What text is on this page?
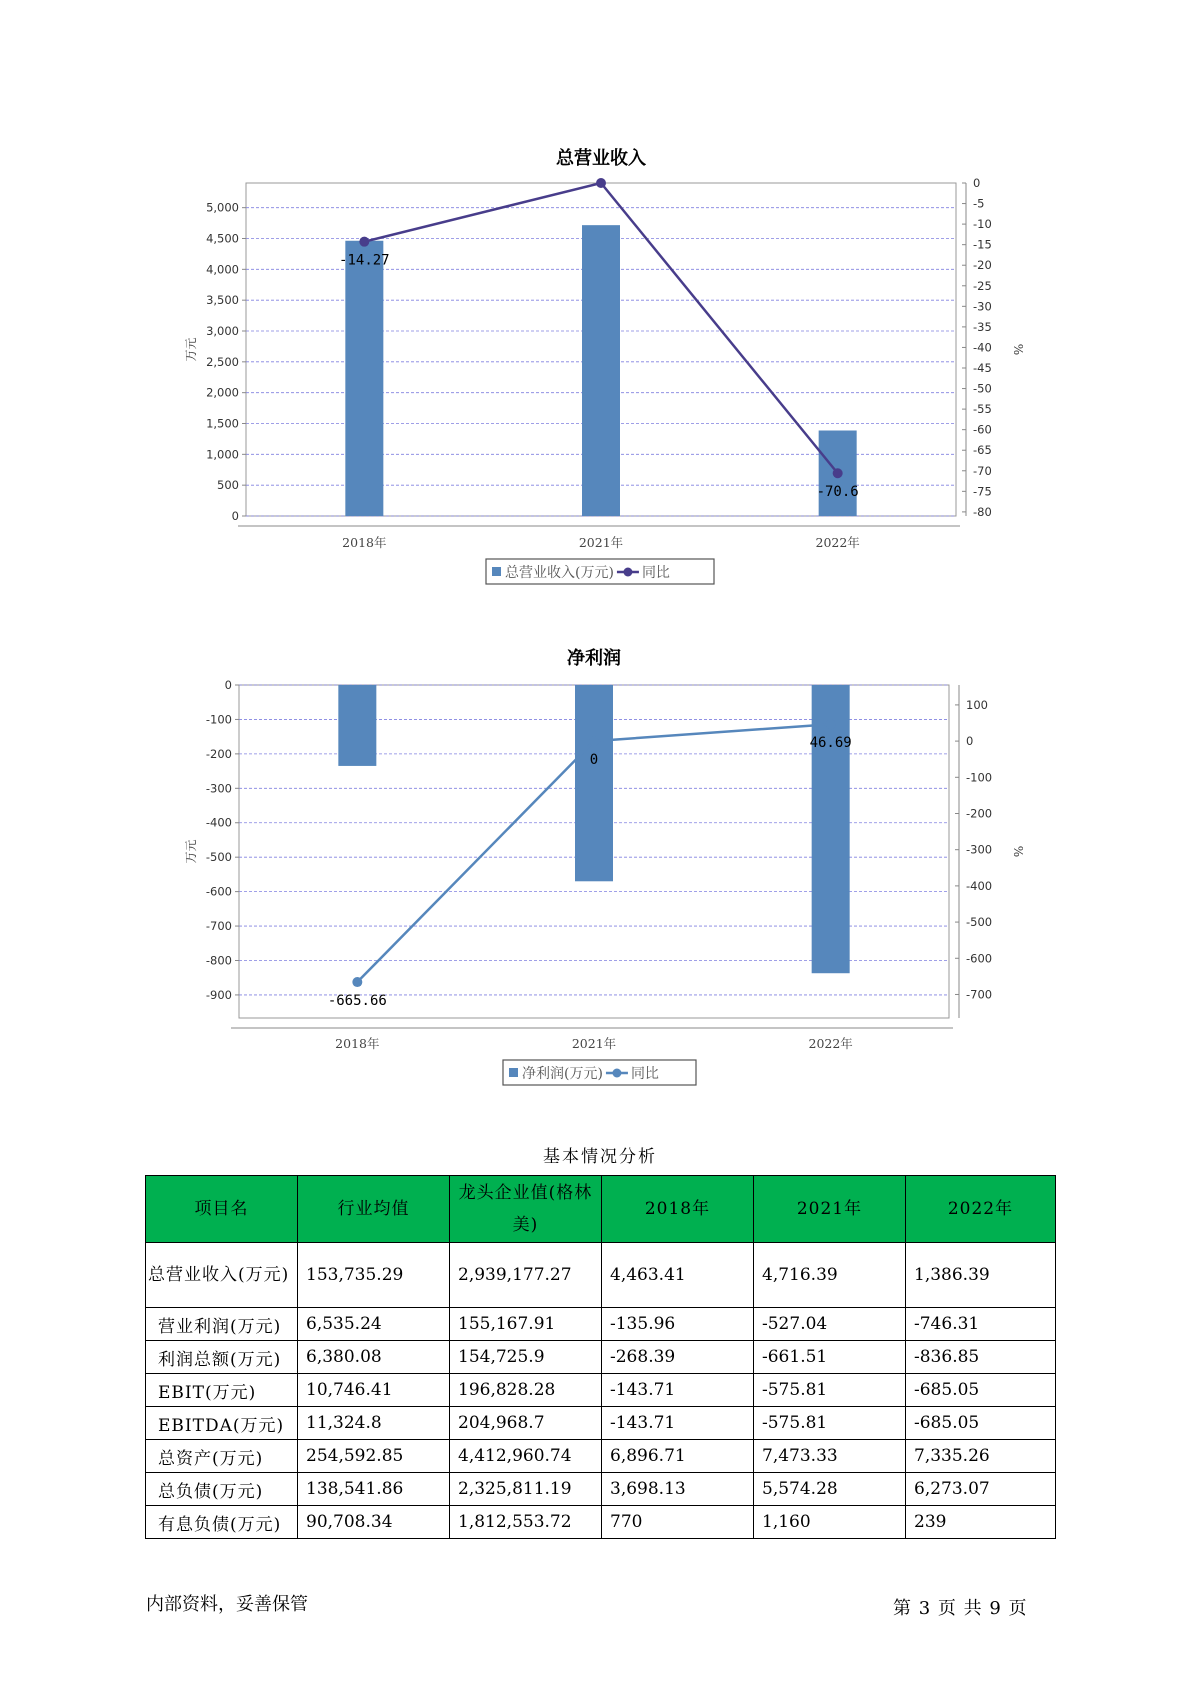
总营业收入
0
500
1,000
1,500
2,000
2,500
3,000
3,500
4,000
4,500
5,000
0
-5
-10
-15
-20
-25
-30
-35
-40
-45
-50
-55
-60
-65
-70
-75
-80
万元	%
2018年	2021年	2022年
-14.27
-70.6
总营业收入(万元) 同比
净利润
0
-100
-200
-300
-400
-500
-600
-700
-800
-900
100
0
-100
-200
-300
-400
-500
-600
-700
万元	%
2018年	2021年	2022年
-665.66
0
46.69
净利润(万元) 同比
基本情况分析
项目名	行业均值	龙头企业值(格林美)	2018年	2021年	2022年
总营业收入(万元)	153,735.29	2,939,177.27	4,463.41	4,716.39	1,386.39
营业利润(万元)	6,535.24	155,167.91	-135.96	-527.04	-746.31
利润总额(万元)	6,380.08	154,725.9	-268.39	-661.51	-836.85
EBIT(万元)	10,746.41	196,828.28	-143.71	-575.81	-685.05
EBITDA(万元)	11,324.8	204,968.7	-143.71	-575.81	-685.05
总资产(万元)	254,592.85	4,412,960.74	6,896.71	7,473.33	7,335.26
总负债(万元)	138,541.86	2,325,811.19	3,698.13	5,574.28	6,273.07
有息负债(万元)	90,708.34	1,812,553.72	770	1,160	239
内部资料，妥善保管	第 3 页 共 9 页
